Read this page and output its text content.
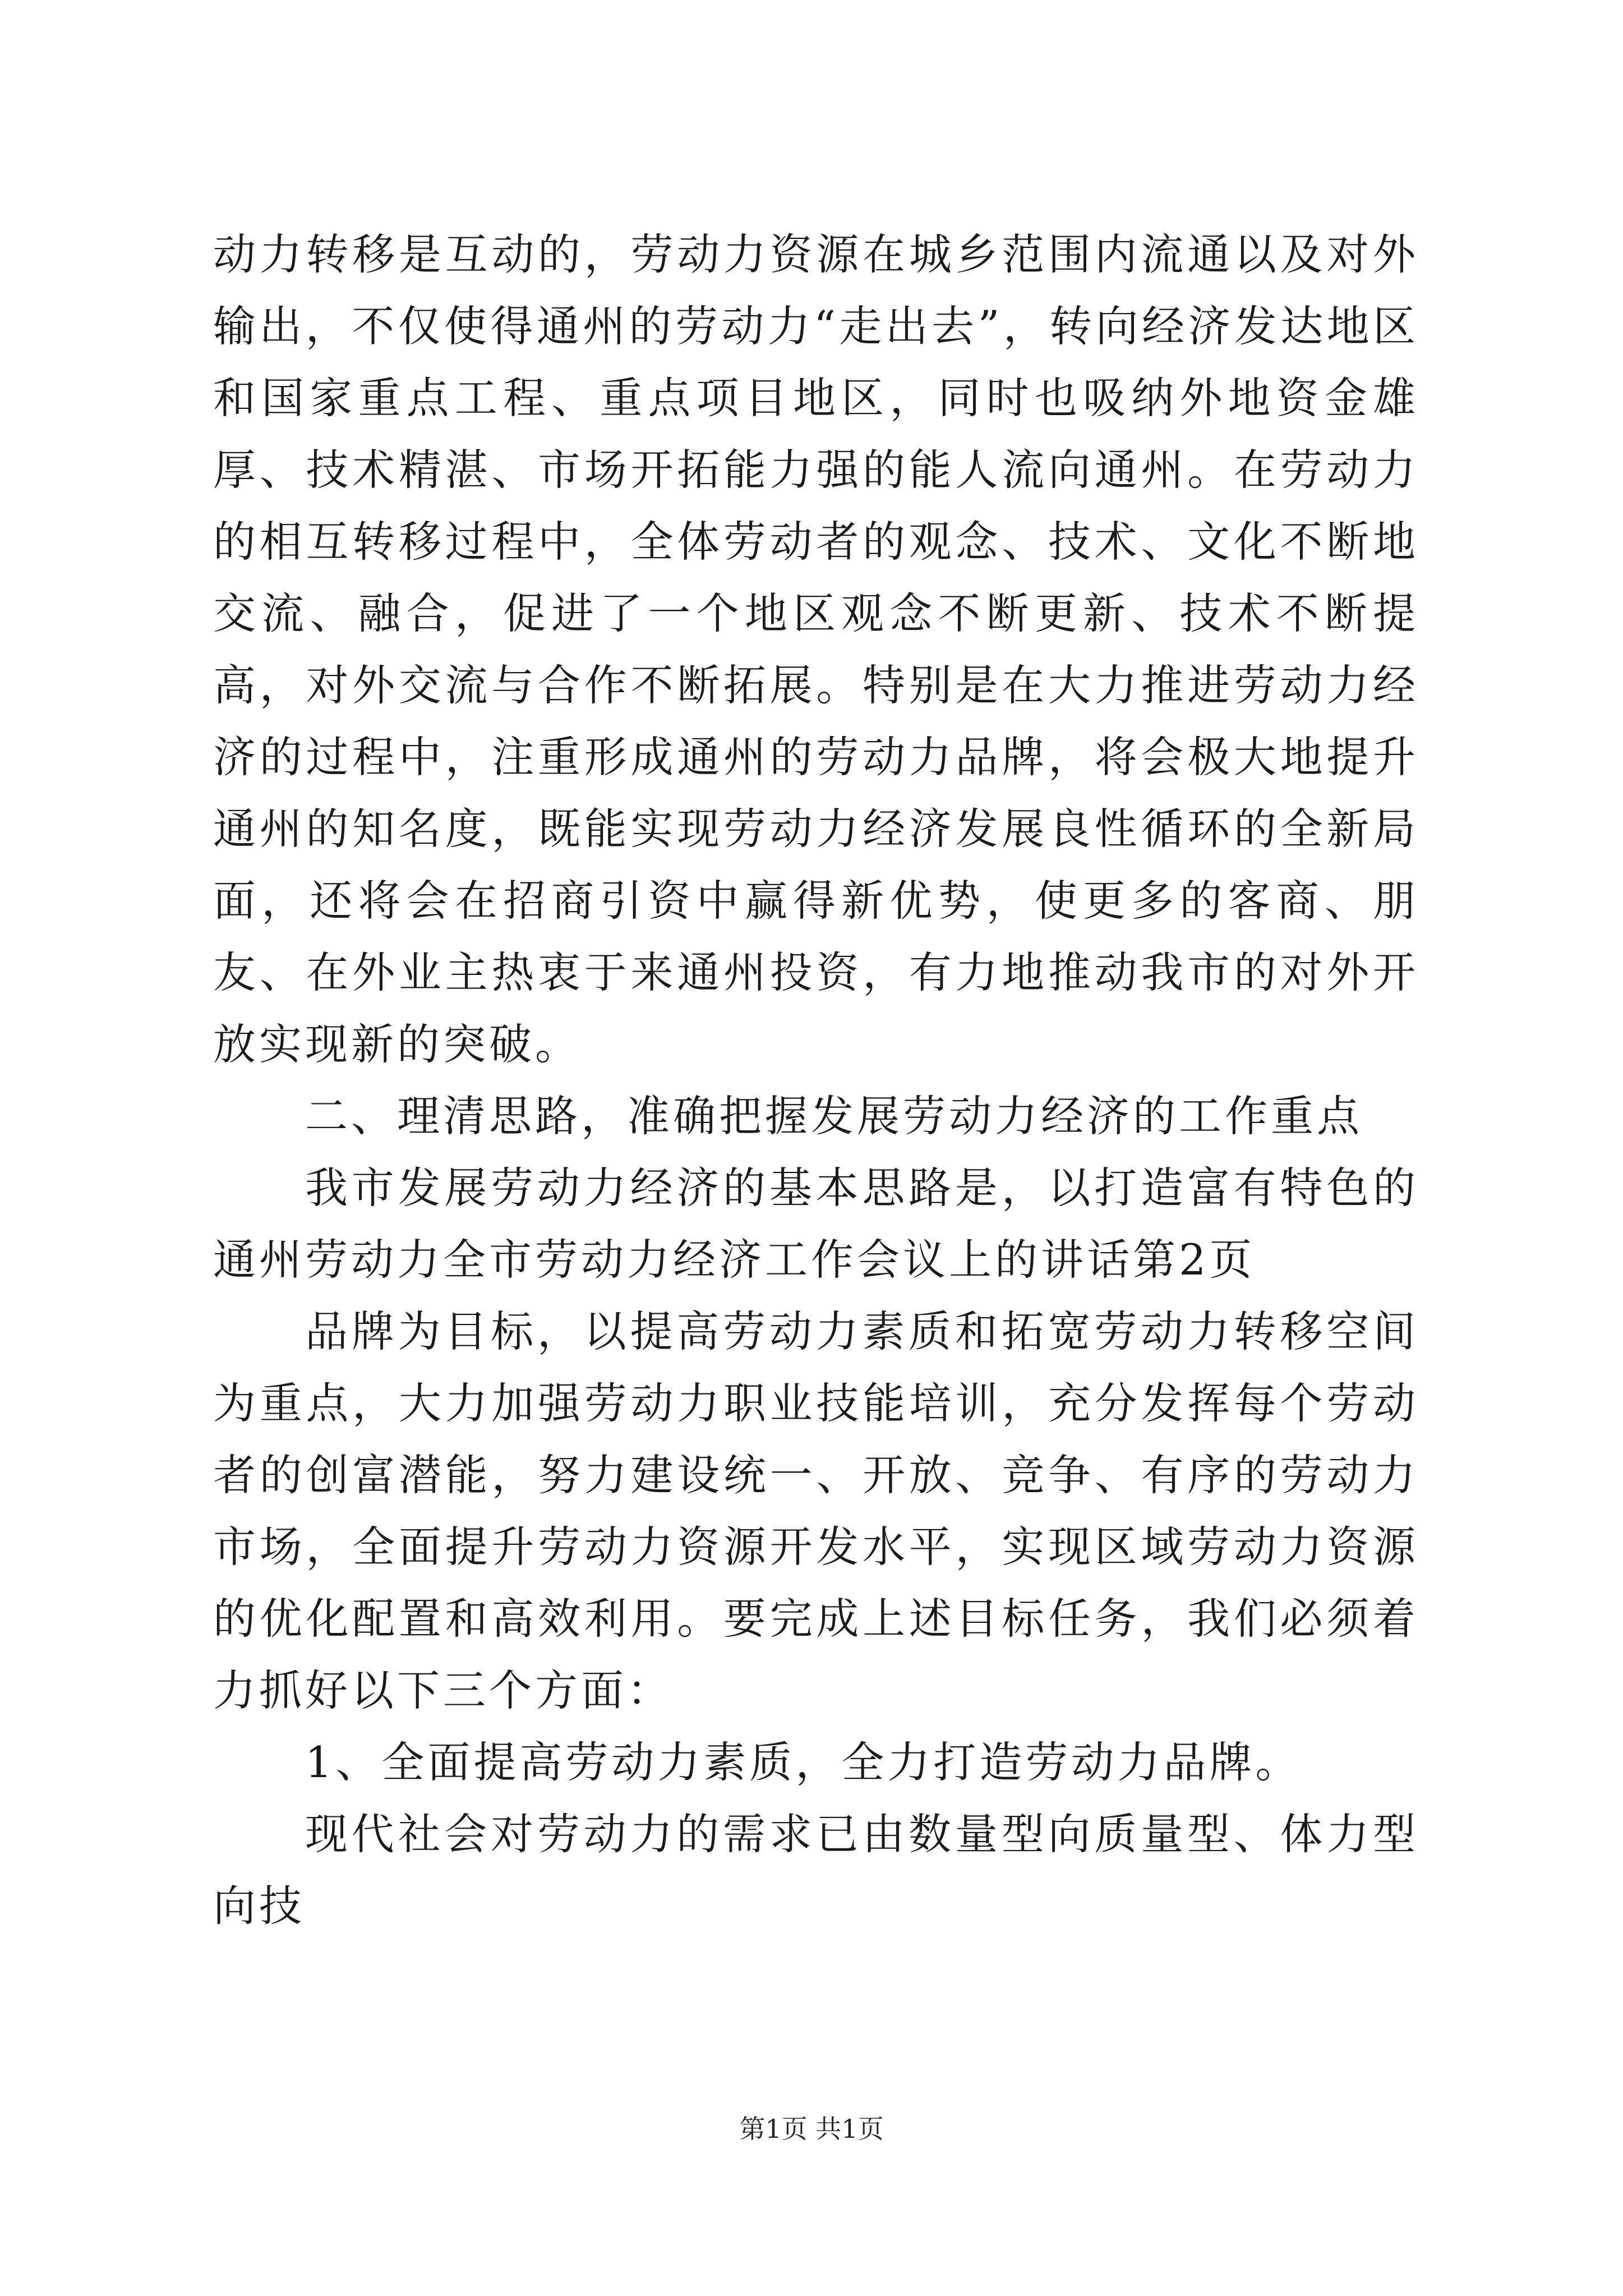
动力转移是互动的，劳动力资源在城乡范围内流通以及对外输出，不仅使得通州的劳动力“走出去”，转向经济发达地区和国家重点工程、重点项目地区，同时也吸纳外地资金雄厚、技术精湛、市场开拓能力强的能人流向通州。在劳动力的相互转移过程中，全体劳动者的观念、技术、文化不断地交流、融合，促进了一个地区观念不断更新、技术不断提高，对外交流与合作不断拓展。特别是在大力推进劳动力经济的过程中，注重形成通州的劳动力品牌，将会极大地提升通州的知名度，既能实现劳动力经济发展良性循环的全新局面，还将会在招商引资中赢得新优势，使更多的客商、朋友、在外业主热衷于来通州投资，有力地推动我市的对外开放实现新的突破。

二、理清思路，准确把握发展劳动力经济的工作重点

我市发展劳动力经济的基本思路是，以打造富有特色的通州劳动力全市劳动力经济工作会议上的讲话第2页

品牌为目标，以提高劳动力素质和拓宽劳动力转移空间为重点，大力加强劳动力职业技能培训，充分发挥每个劳动者的创富潜能，努力建设统一、开放、竞争、有序的劳动力市场，全面提升劳动力资源开发水平，实现区域劳动力资源的优化配置和高效利用。要完成上述目标任务，我们必须着力抓好以下三个方面：

1、全面提高劳动力素质，全力打造劳动力品牌。

现代社会对劳动力的需求已由数量型向质量型、体力型向技

第1页 共1页
